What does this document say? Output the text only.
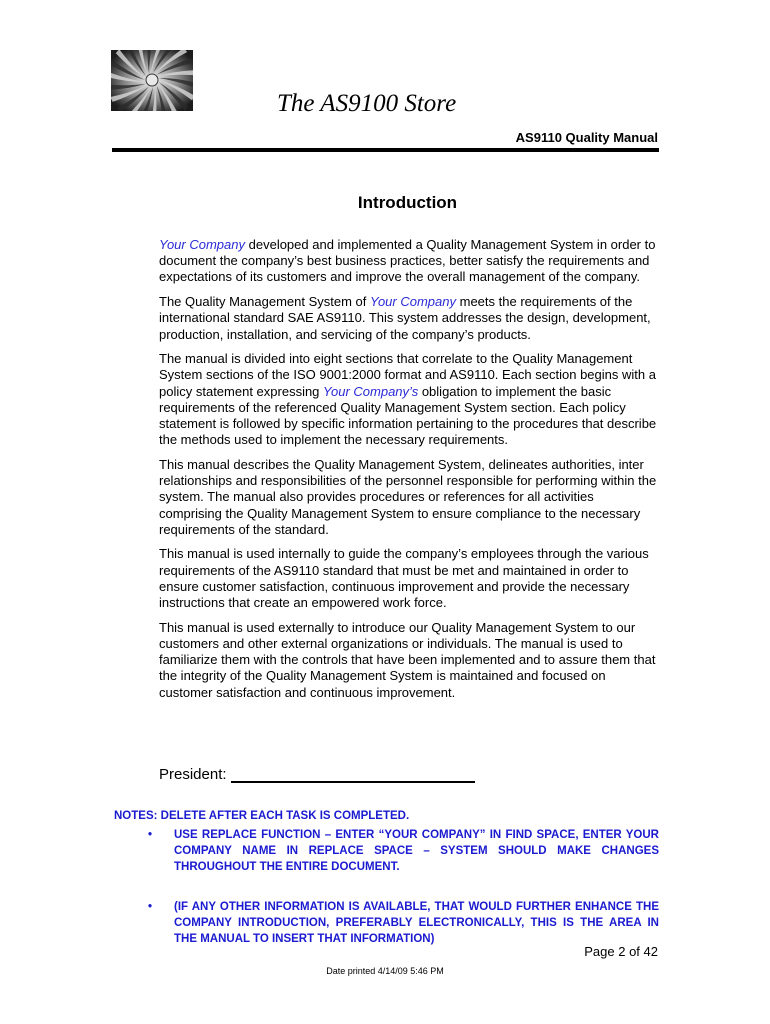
The AS9100 Store
AS9110 Quality Manual
Introduction

Your Company developed and implemented a Quality Management System in order to document the company’s best business practices, better satisfy the requirements and expectations of its customers and improve the overall management of the company.

The Quality Management System of Your Company meets the requirements of the international standard SAE AS9110. This system addresses the design, development, production, installation, and servicing of the company’s products.

The manual is divided into eight sections that correlate to the Quality Management System sections of the ISO 9001:2000 format and AS9110. Each section begins with a policy statement expressing Your Company’s obligation to implement the basic requirements of the referenced Quality Management System section. Each policy statement is followed by specific information pertaining to the procedures that describe the methods used to implement the necessary requirements.

This manual describes the Quality Management System, delineates authorities, inter relationships and responsibilities of the personnel responsible for performing within the system. The manual also provides procedures or references for all activities comprising the Quality Management System to ensure compliance to the necessary requirements of the standard.

This manual is used internally to guide the company’s employees through the various requirements of the AS9110 standard that must be met and maintained in order to ensure customer satisfaction, continuous improvement and provide the necessary instructions that create an empowered work force.

This manual is used externally to introduce our Quality Management System to our customers and other external organizations or individuals. The manual is used to familiarize them with the controls that have been implemented and to assure them that the integrity of the Quality Management System is maintained and focused on customer satisfaction and continuous improvement.

President:
NOTES: DELETE AFTER EACH TASK IS COMPLETED.
• USE REPLACE FUNCTION – ENTER “YOUR COMPANY” IN FIND SPACE, ENTER YOUR COMPANY NAME IN REPLACE SPACE – SYSTEM SHOULD MAKE CHANGES THROUGHOUT THE ENTIRE DOCUMENT.
• (IF ANY OTHER INFORMATION IS AVAILABLE, THAT WOULD FURTHER ENHANCE THE COMPANY INTRODUCTION, PREFERABLY ELECTRONICALLY, THIS IS THE AREA IN THE MANUAL TO INSERT THAT INFORMATION)
Page 2 of 42
Date printed 4/14/09 5:46 PM
